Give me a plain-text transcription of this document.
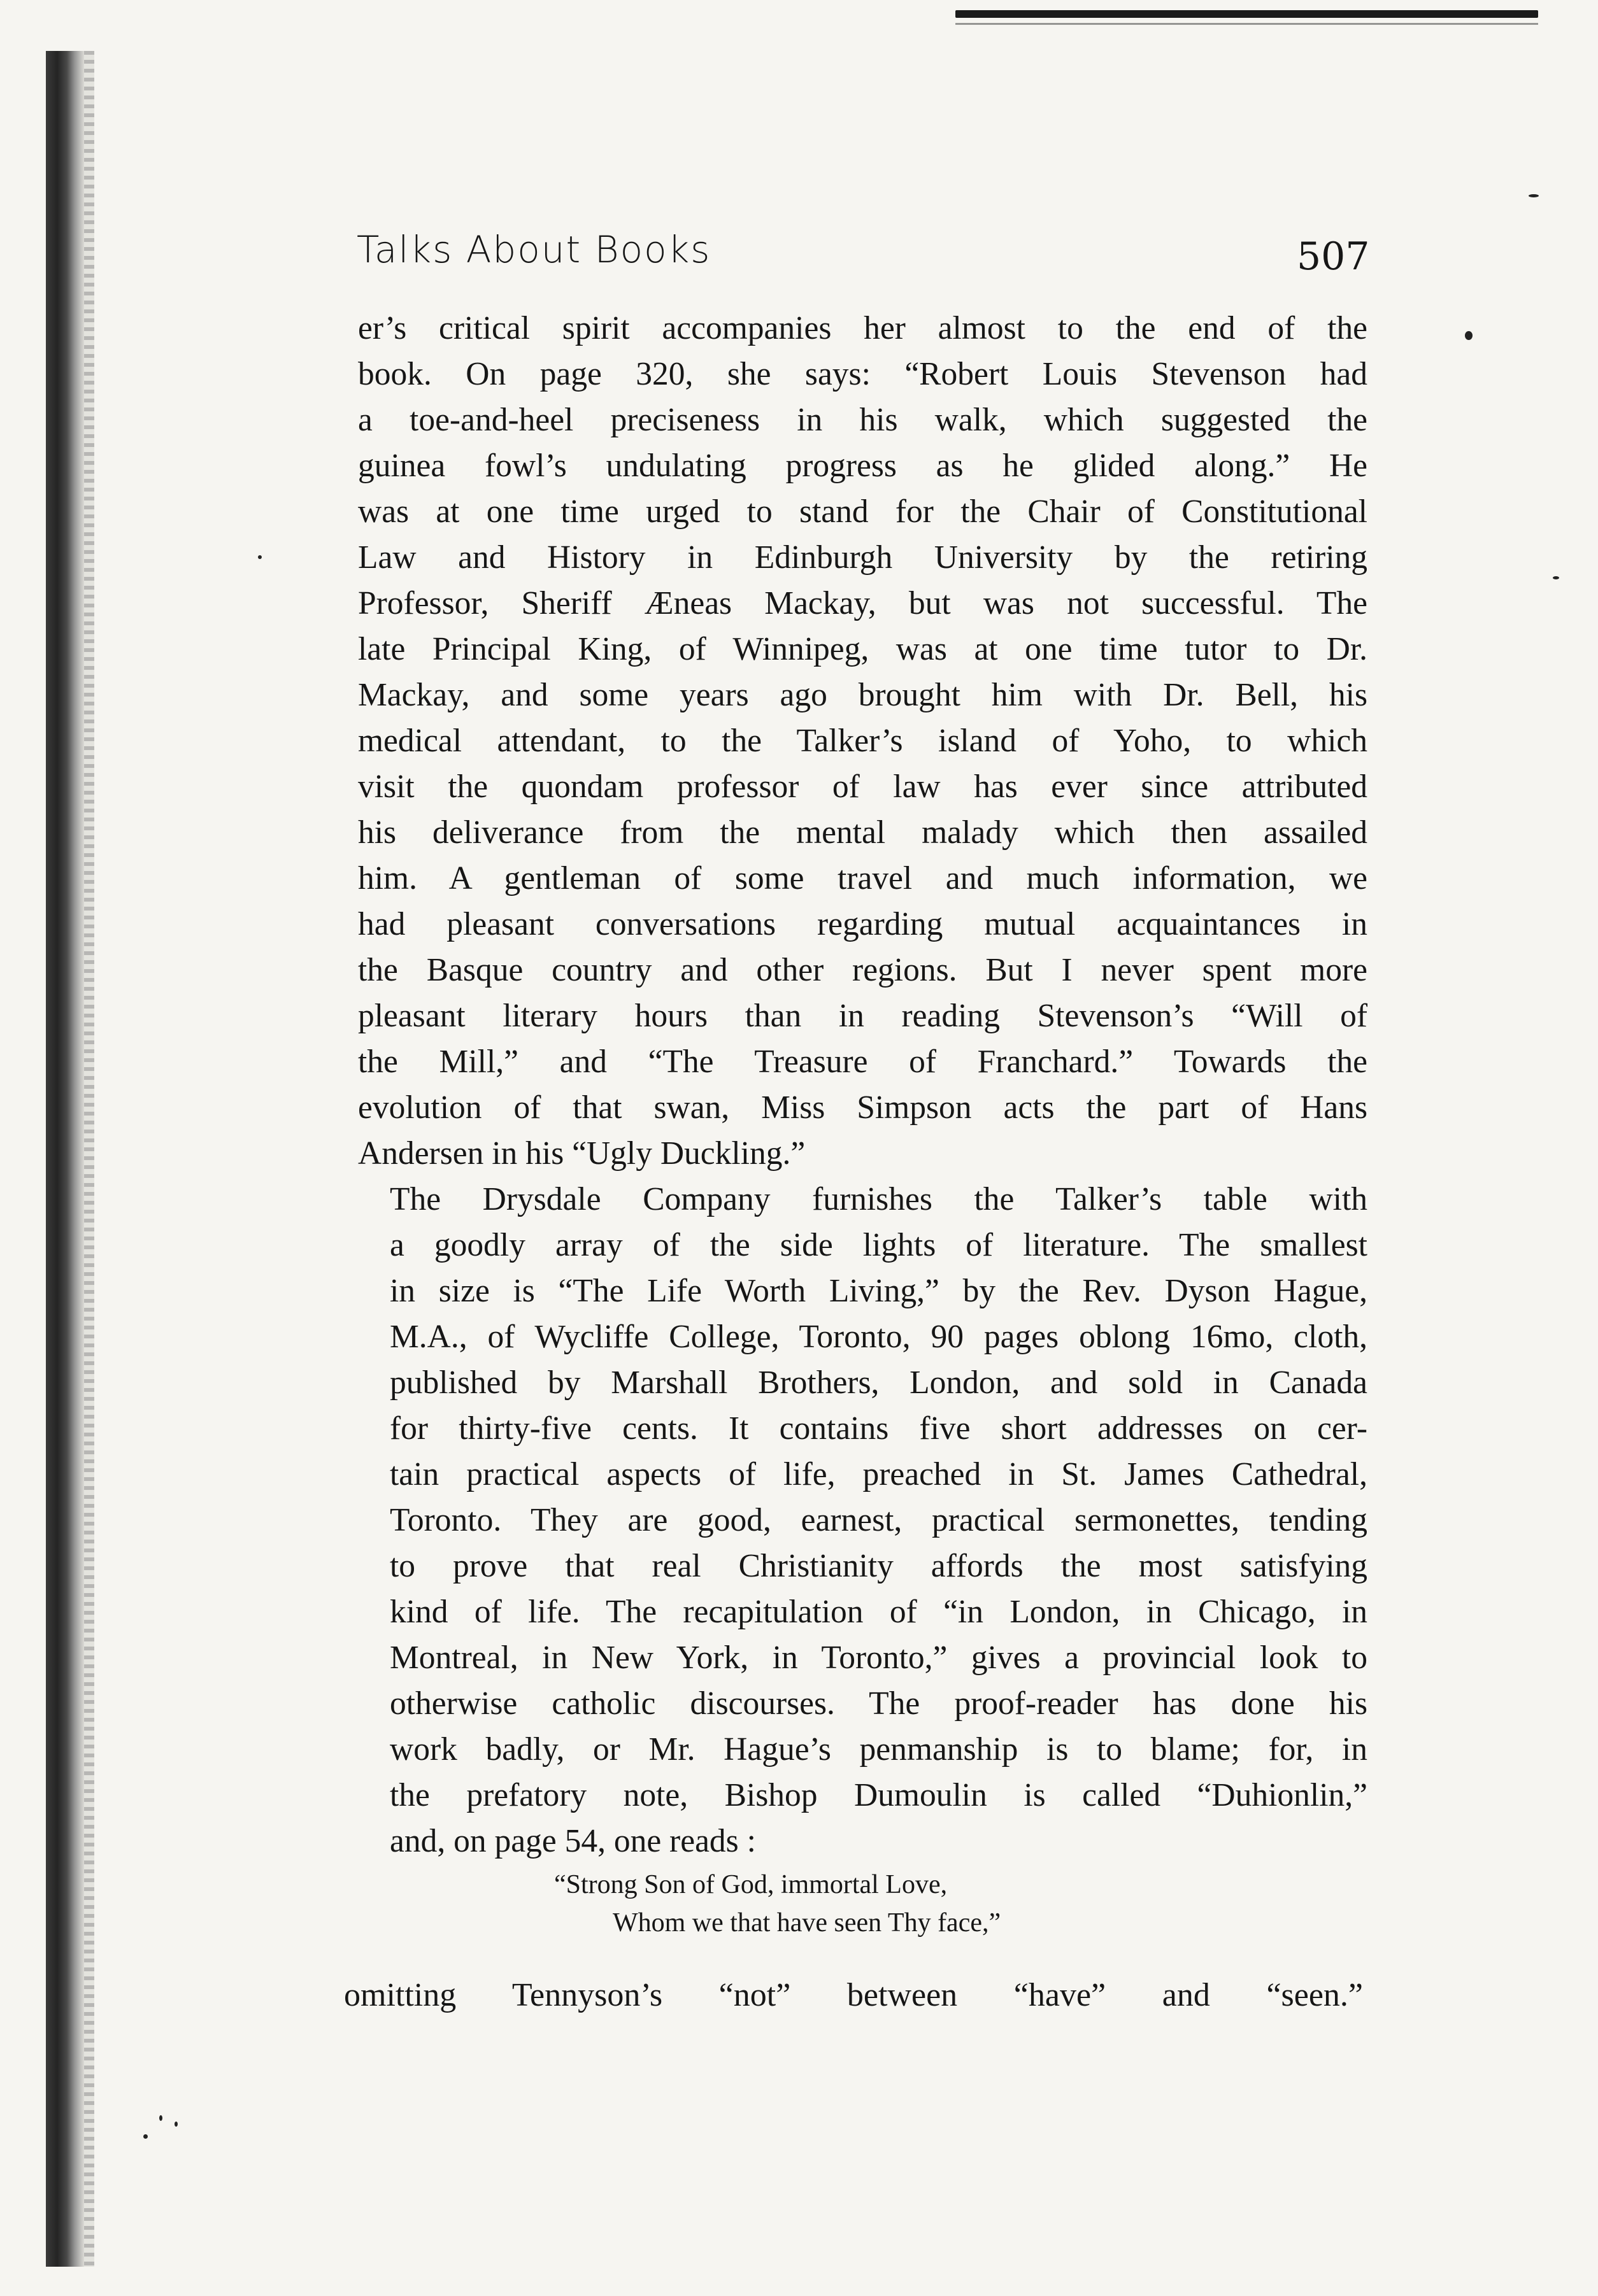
Talks About Books	507

er’s critical spirit accompanies her almost to the end of the
book. On page 320, she says: “Robert Louis Stevenson had
a toe-and-heel preciseness in his walk, which suggested the
guinea fowl’s undulating progress as he glided along.” He
was at one time urged to stand for the Chair of Constitutional
Law and History in Edinburgh University by the retiring
Professor, Sheriff Æneas Mackay, but was not successful. The
late Principal King, of Winnipeg, was at one time tutor to Dr.
Mackay, and some years ago brought him with Dr. Bell, his
medical attendant, to the Talker’s island of Yoho, to which
visit the quondam professor of law has ever since attributed
his deliverance from the mental malady which then assailed
him. A gentleman of some travel and much information, we
had pleasant conversations regarding mutual acquaintances in
the Basque country and other regions. But I never spent more
pleasant literary hours than in reading Stevenson’s “Will of
the Mill,” and “The Treasure of Franchard.” Towards the
evolution of that swan, Miss Simpson acts the part of Hans
Andersen in his “Ugly Duckling.”

The Drysdale Company furnishes the Talker’s table with
a goodly array of the side lights of literature. The smallest
in size is “The Life Worth Living,” by the Rev. Dyson Hague,
M.A., of Wycliffe College, Toronto, 90 pages oblong 16mo, cloth,
published by Marshall Brothers, London, and sold in Canada
for thirty-five cents. It contains five short addresses on cer-
tain practical aspects of life, preached in St. James Cathedral,
Toronto. They are good, earnest, practical sermonettes, tending
to prove that real Christianity affords the most satisfying
kind of life. The recapitulation of “in London, in Chicago, in
Montreal, in New York, in Toronto,” gives a provincial look to
otherwise catholic discourses. The proof-reader has done his
work badly, or Mr. Hague’s penmanship is to blame; for, in
the prefatory note, Bishop Dumoulin is called “Duhionlin,”
and, on page 54, one reads :

“Strong Son of God, immortal Love,
Whom we that have seen Thy face,”
omitting Tennyson’s “not” between “have” and “seen.”
